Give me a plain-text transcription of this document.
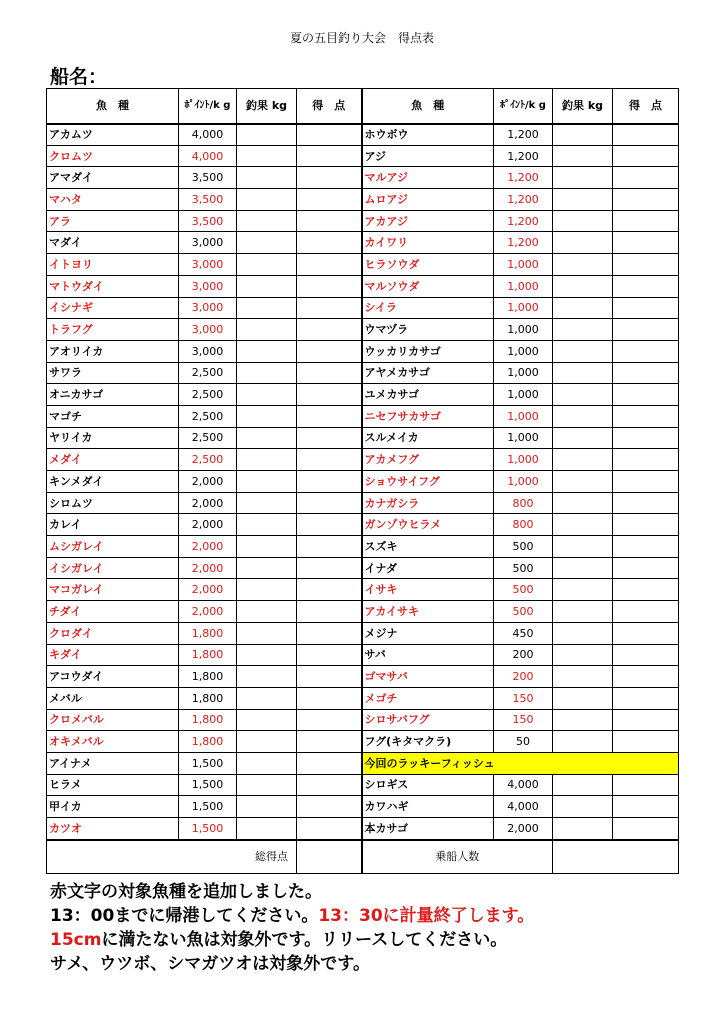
夏の五目釣り大会　得点表
船名：
魚　種	ﾎﾟｲﾝﾄ/k g	釣果 kg	得　点	魚　種	ﾎﾟｲﾝﾄ/k g	釣果 kg	得　点
アカムツ	4,000			ホウボウ	1,200		
クロムツ	4,000			アジ	1,200		
アマダイ	3,500			マルアジ	1,200		
マハタ	3,500			ムロアジ	1,200		
アラ	3,500			アカアジ	1,200		
マダイ	3,000			カイワリ	1,200		
イトヨリ	3,000			ヒラソウダ	1,000		
マトウダイ	3,000			マルソウダ	1,000		
イシナギ	3,000			シイラ	1,000		
トラフグ	3,000			ウマヅラ	1,000		
アオリイカ	3,000			ウッカリカサゴ	1,000		
サワラ	2,500			アヤメカサゴ	1,000		
オニカサゴ	2,500			ユメカサゴ	1,000		
マゴチ	2,500			ニセフサカサゴ	1,000		
ヤリイカ	2,500			スルメイカ	1,000		
メダイ	2,500			アカメフグ	1,000		
キンメダイ	2,000			ショウサイフグ	1,000		
シロムツ	2,000			カナガシラ	800		
カレイ	2,000			ガンゾウヒラメ	800		
ムシガレイ	2,000			スズキ	500		
イシガレイ	2,000			イナダ	500		
マコガレイ	2,000			イサキ	500		
チダイ	2,000			アカイサキ	500		
クロダイ	1,800			メジナ	450		
キダイ	1,800			サバ	200		
アコウダイ	1,800			ゴマサバ	200		
メバル	1,800			メゴチ	150		
クロメバル	1,800			シロサバフグ	150		
オキメバル	1,800			フグ(キタマクラ)	50		
アイナメ	1,500			今回のラッキーフィッシュ			
ヒラメ	1,500			シロギス	4,000		
甲イカ	1,500			カワハギ	4,000		
カツオ	1,500			本カサゴ	2,000		
総得点				乗船人数			
赤文字の対象魚種を追加しました。
13：00までに帰港してください。13：30に計量終了します。
15cmに満たない魚は対象外です。リリースしてください。
サメ、ウツボ、シマガツオは対象外です。
